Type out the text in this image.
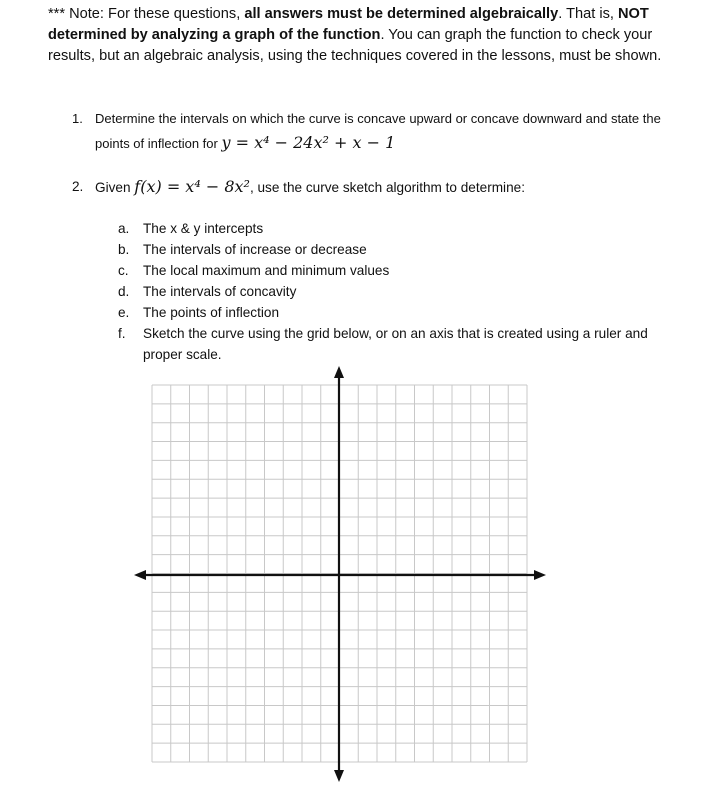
*** Note: For these questions, all answers must be determined algebraically. That is, NOT determined by analyzing a graph of the function. You can graph the function to check your results, but an algebraic analysis, using the techniques covered in the lessons, must be shown.
1. Determine the intervals on which the curve is concave upward or concave downward and state the points of inflection for y = x⁴ − 24x² + x − 1
2. Given f(x) = x⁴ − 8x², use the curve sketch algorithm to determine:
a. The x & y intercepts
b. The intervals of increase or decrease
c. The local maximum and minimum values
d. The intervals of concavity
e. The points of inflection
f. Sketch the curve using the grid below, or on an axis that is created using a ruler and proper scale.
